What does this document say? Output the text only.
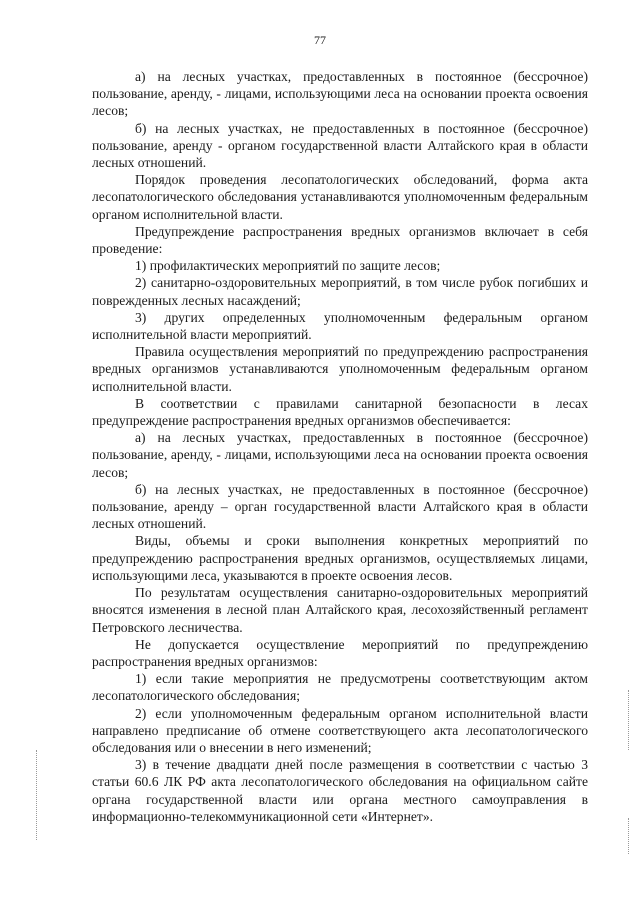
77

а) на лесных участках, предоставленных в постоянное (бессрочное) пользование, аренду, - лицами, использующими леса на основании проекта освоения лесов;

б) на лесных участках, не предоставленных в постоянное (бессрочное) пользование, аренду - органом государственной власти Алтайского края в области лесных отношений.

Порядок проведения лесопатологических обследований, форма акта лесопатологического обследования устанавливаются уполномоченным федеральным органом исполнительной власти.

Предупреждение распространения вредных организмов включает в себя проведение:

1) профилактических мероприятий по защите лесов;

2) санитарно-оздоровительных мероприятий, в том числе рубок погибших и поврежденных лесных насаждений;

3) других определенных уполномоченным федеральным органом исполнительной власти мероприятий.

Правила осуществления мероприятий по предупреждению распространения вредных организмов устанавливаются уполномоченным федеральным органом исполнительной власти.

В соответствии с правилами санитарной безопасности в лесах предупреждение распространения вредных организмов обеспечивается:

а) на лесных участках, предоставленных в постоянное (бессрочное) пользование, аренду, - лицами, использующими леса на основании проекта освоения лесов;

б) на лесных участках, не предоставленных в постоянное (бессрочное) пользование, аренду – орган государственной власти Алтайского края в области лесных отношений.

Виды, объемы и сроки выполнения конкретных мероприятий по предупреждению распространения вредных организмов, осуществляемых лицами, использующими леса, указываются в проекте освоения лесов.

По результатам осуществления санитарно-оздоровительных мероприятий вносятся изменения в лесной план Алтайского края, лесохозяйственный регламент Петровского лесничества.

Не допускается осуществление мероприятий по предупреждению распространения вредных организмов:

1) если такие мероприятия не предусмотрены соответствующим актом лесопатологического обследования;

2) если уполномоченным федеральным органом исполнительной власти направлено предписание об отмене соответствующего акта лесопатологического обследования или о внесении в него изменений;

3) в течение двадцати дней после размещения в соответствии с частью 3 статьи 60.6 ЛК РФ акта лесопатологического обследования на официальном сайте органа государственной власти или органа местного самоуправления в информационно-телекоммуникационной сети «Интернет».
